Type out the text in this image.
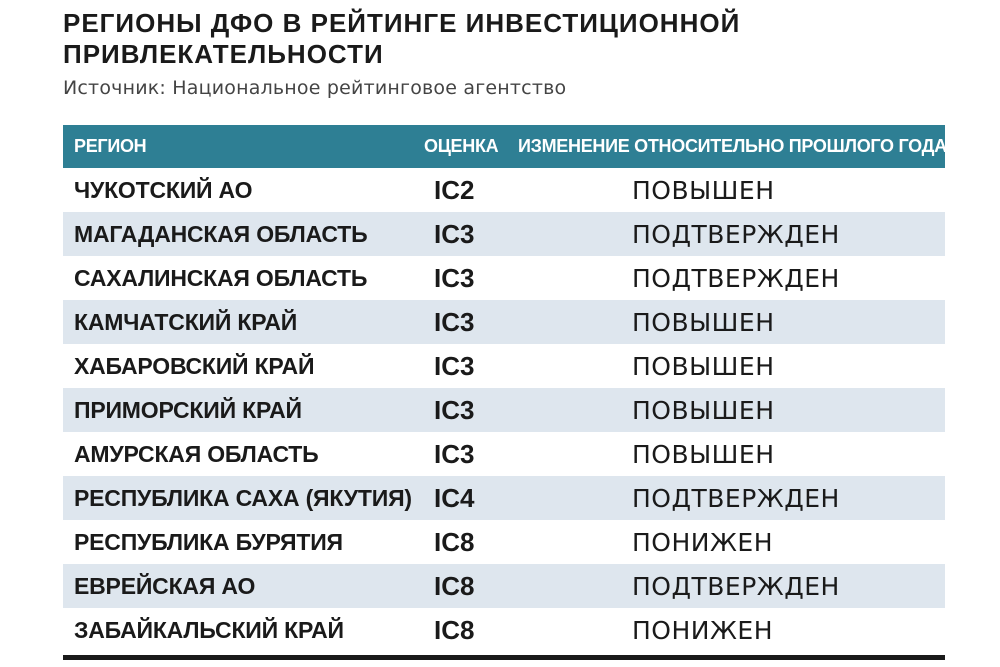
РЕГИОНЫ ДФО В РЕЙТИНГЕ ИНВЕСТИЦИОННОЙ ПРИВЛЕКАТЕЛЬНОСТИ
Источник: Национальное рейтинговое агентство
РЕГИОН	ОЦЕНКА	ИЗМЕНЕНИЕ ОТНОСИТЕЛЬНО ПРОШЛОГО ГОДА
ЧУКОТСКИЙ АО	IC2	ПОВЫШЕН
МАГАДАНСКАЯ ОБЛАСТЬ	IC3	ПОДТВЕРЖДЕН
САХАЛИНСКАЯ ОБЛАСТЬ	IC3	ПОДТВЕРЖДЕН
КАМЧАТСКИЙ КРАЙ	IC3	ПОВЫШЕН
ХАБАРОВСКИЙ КРАЙ	IC3	ПОВЫШЕН
ПРИМОРСКИЙ КРАЙ	IC3	ПОВЫШЕН
АМУРСКАЯ ОБЛАСТЬ	IC3	ПОВЫШЕН
РЕСПУБЛИКА САХА (ЯКУТИЯ)	IC4	ПОДТВЕРЖДЕН
РЕСПУБЛИКА БУРЯТИЯ	IC8	ПОНИЖЕН
ЕВРЕЙСКАЯ АО	IC8	ПОДТВЕРЖДЕН
ЗАБАЙКАЛЬСКИЙ КРАЙ	IC8	ПОНИЖЕН
